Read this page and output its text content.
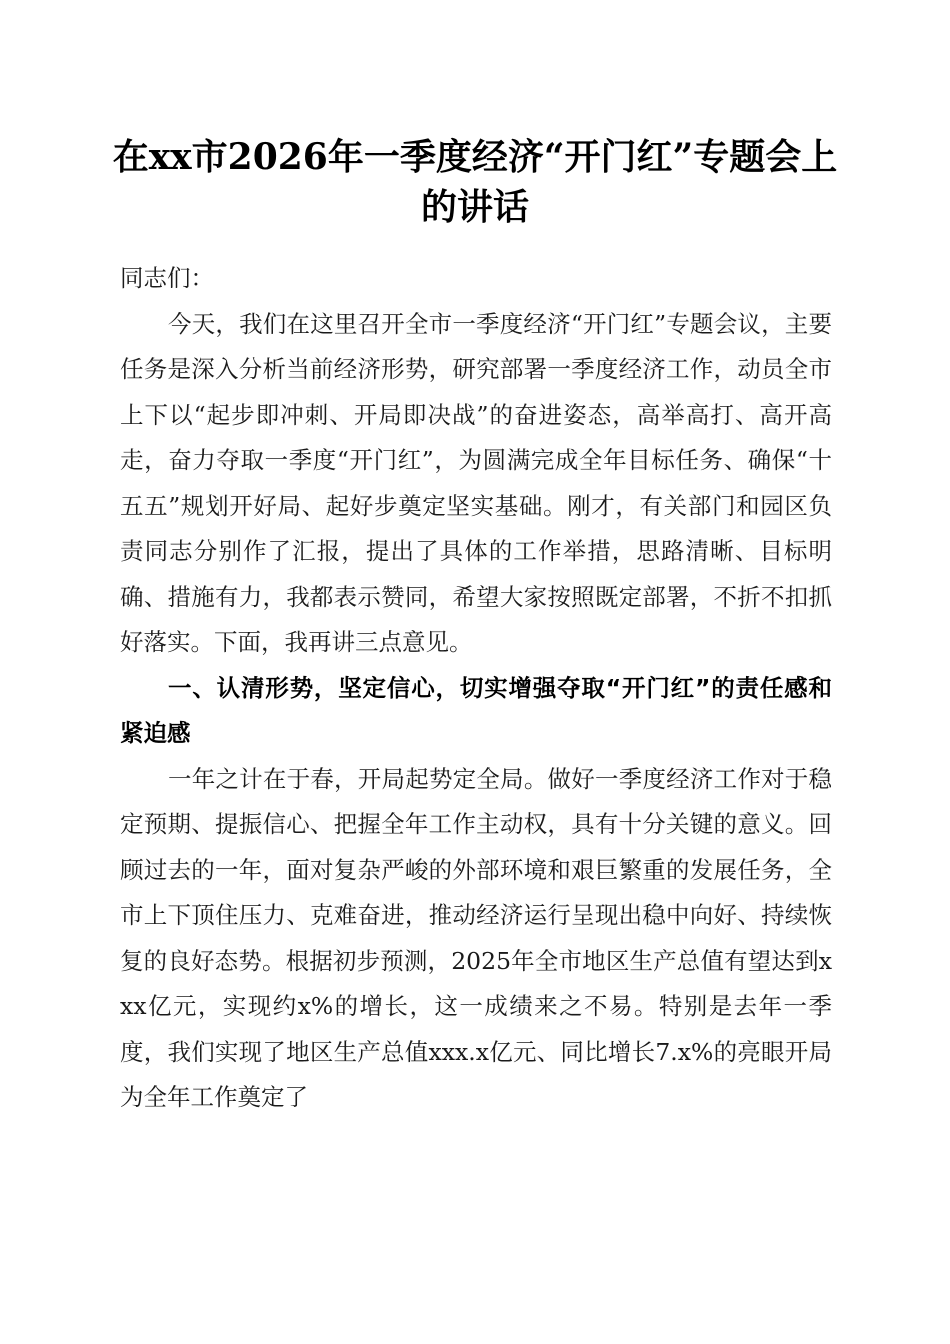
在xx市2026年一季度经济“开门红”专题会上的讲话

同志们：

今天，我们在这里召开全市一季度经济“开门红”专题会议，主要任务是深入分析当前经济形势，研究部署一季度经济工作，动员全市上下以“起步即冲刺、开局即决战”的奋进姿态，高举高打、高开高走，奋力夺取一季度“开门红”，为圆满完成全年目标任务、确保“十五五”规划开好局、起好步奠定坚实基础。刚才，有关部门和园区负责同志分别作了汇报，提出了具体的工作举措，思路清晰、目标明确、措施有力，我都表示赞同，希望大家按照既定部署，不折不扣抓好落实。下面，我再讲三点意见。

一、认清形势，坚定信心，切实增强夺取“开门红”的责任感和紧迫感

一年之计在于春，开局起势定全局。做好一季度经济工作对于稳定预期、提振信心、把握全年工作主动权，具有十分关键的意义。回顾过去的一年，面对复杂严峻的外部环境和艰巨繁重的发展任务，全市上下顶住压力、克难奋进，推动经济运行呈现出稳中向好、持续恢复的良好态势。根据初步预测，2025年全市地区生产总值有望达到xxx亿元，实现约x%的增长，这一成绩来之不易。特别是去年一季度，我们实现了地区生产总值xxx.x亿元、同比增长7.x%的亮眼开局为全年工作奠定了
